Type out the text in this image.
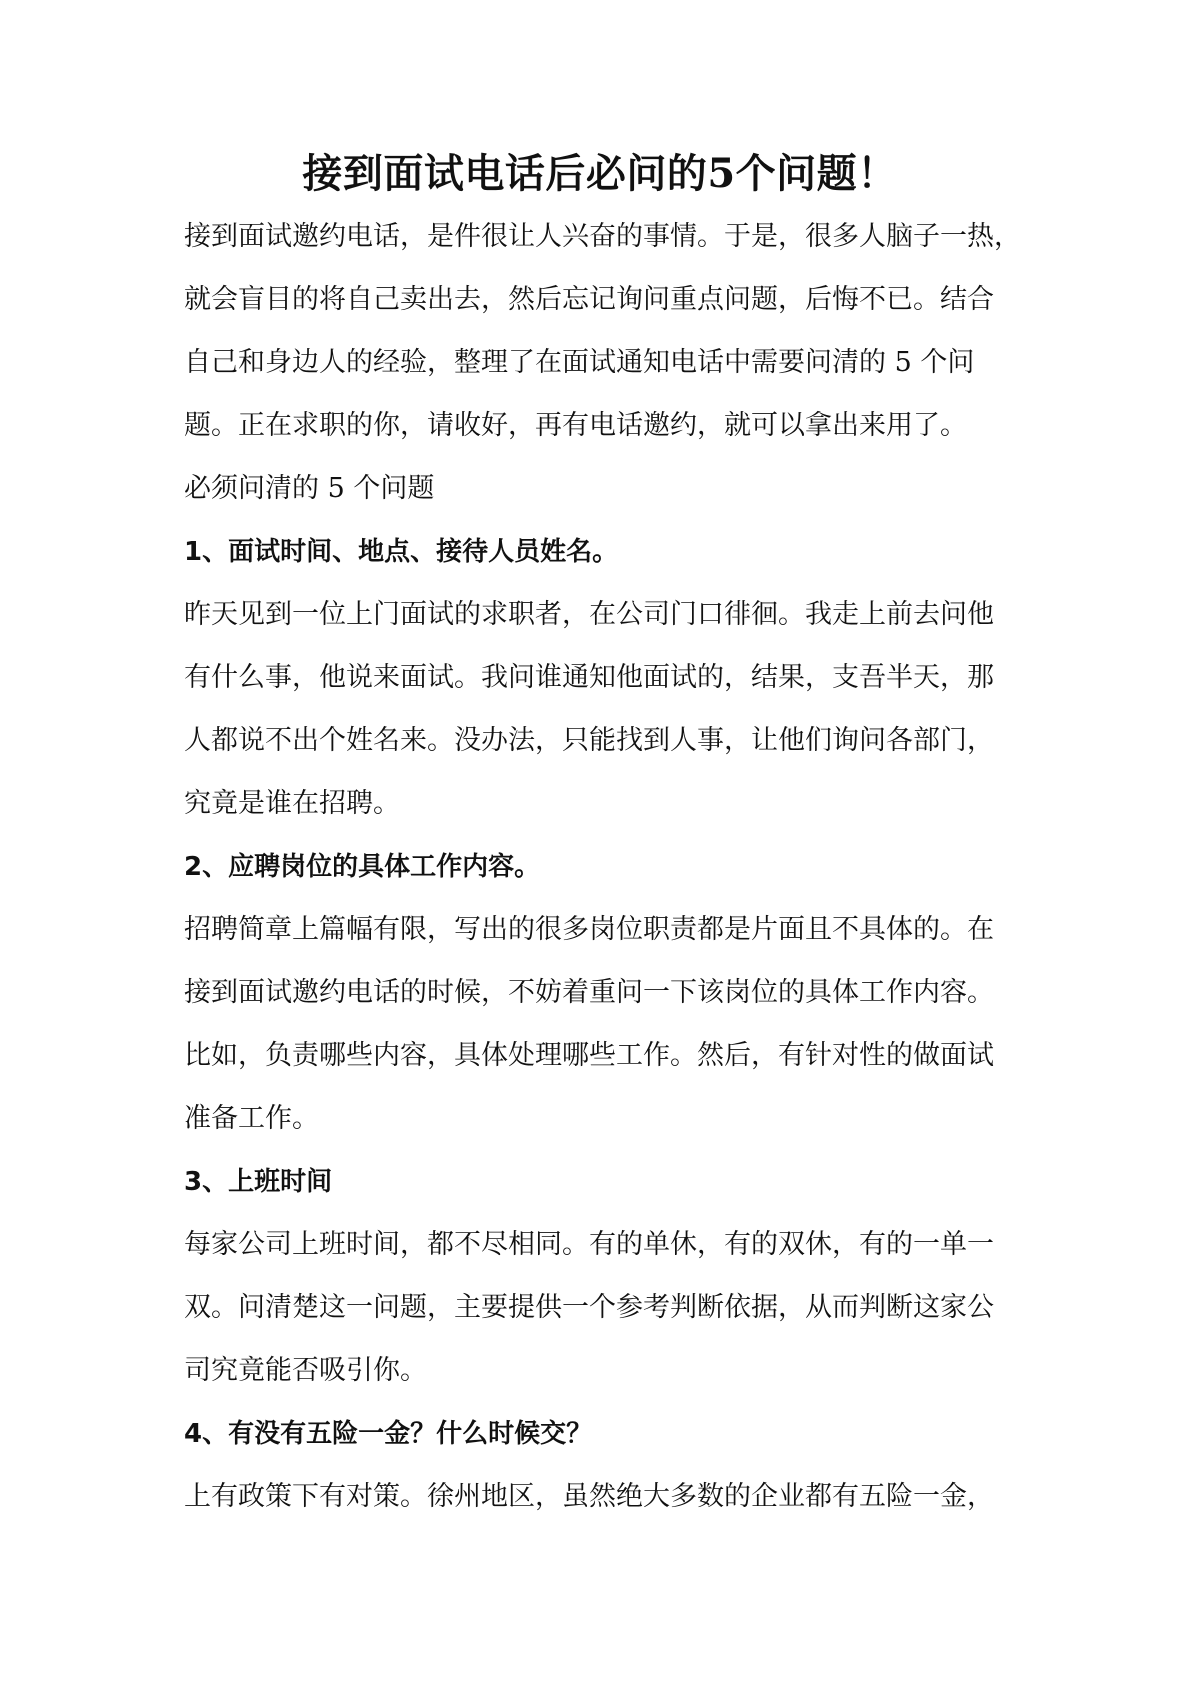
接到面试电话后必问的5个问题！

接到面试邀约电话，是件很让人兴奋的事情。于是，很多人脑子一热，

就会盲目的将自己卖出去，然后忘记询问重点问题，后悔不已。结合

自己和身边人的经验，整理了在面试通知电话中需要问清的 5 个问

题。正在求职的你，请收好，再有电话邀约，就可以拿出来用了。

必须问清的 5 个问题

1、面试时间、地点、接待人员姓名。

昨天见到一位上门面试的求职者，在公司门口徘徊。我走上前去问他

有什么事，他说来面试。我问谁通知他面试的，结果，支吾半天，那

人都说不出个姓名来。没办法，只能找到人事，让他们询问各部门，

究竟是谁在招聘。

2、应聘岗位的具体工作内容。

招聘简章上篇幅有限，写出的很多岗位职责都是片面且不具体的。在

接到面试邀约电话的时候，不妨着重问一下该岗位的具体工作内容。

比如，负责哪些内容，具体处理哪些工作。然后，有针对性的做面试

准备工作。

3、上班时间

每家公司上班时间，都不尽相同。有的单休，有的双休，有的一单一

双。问清楚这一问题，主要提供一个参考判断依据，从而判断这家公

司究竟能否吸引你。

4、有没有五险一金？什么时候交？

上有政策下有对策。徐州地区，虽然绝大多数的企业都有五险一金，
